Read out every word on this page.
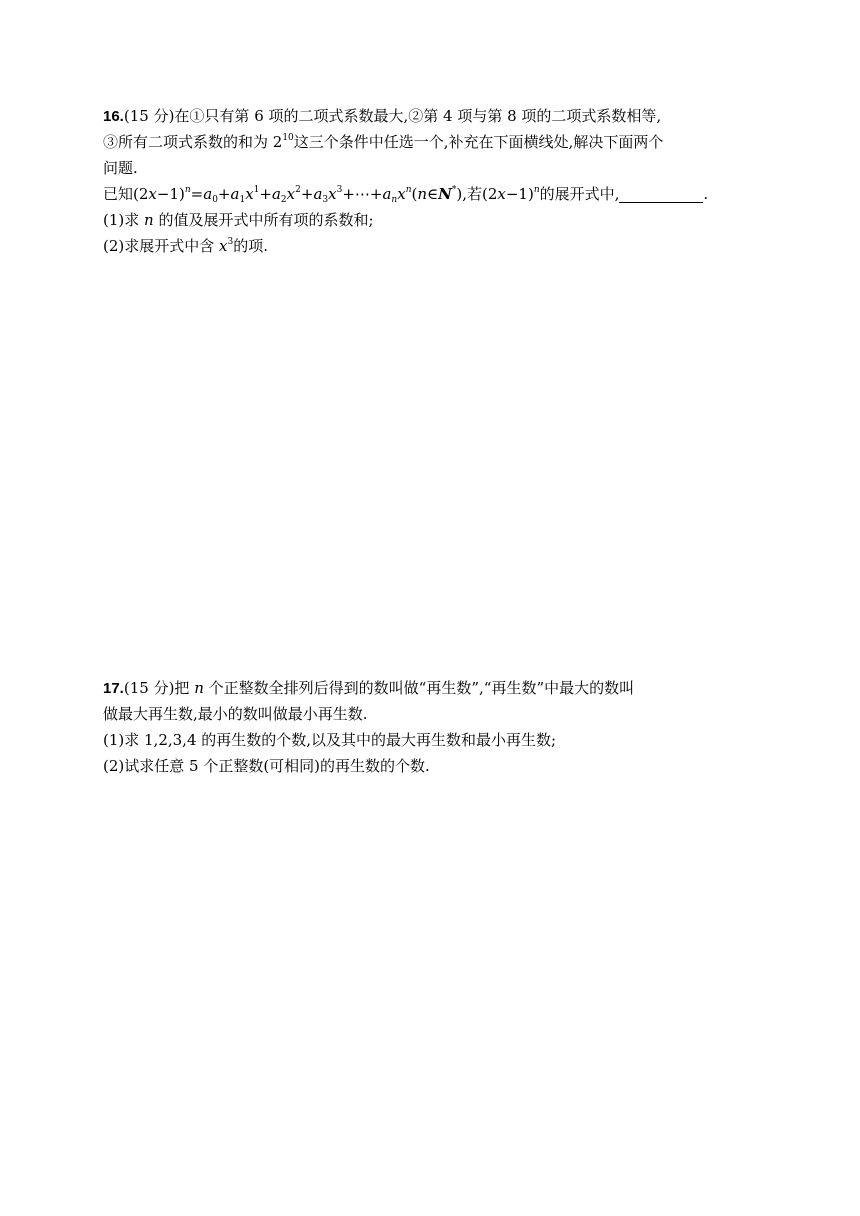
16.(15 分)在①只有第 6 项的二项式系数最大,②第 4 项与第 8 项的二项式系数相等,
③所有二项式系数的和为 $2^{10}$这三个条件中任选一个,补充在下面横线处,解决下面两个
问题.
已知$(2x-1)^n=a_0+a_1x^1+a_2x^2+a_3x^3+\cdots+a_nx^n(n\in N^*)$,若$(2x-1)^n$的展开式中,	.
(1)求 n 的值及展开式中所有项的系数和;
(2)求展开式中含 $x^3$的项.
17.(15 分)把 n 个正整数全排列后得到的数叫做“再生数”,“再生数”中最大的数叫
做最大再生数,最小的数叫做最小再生数.
(1)求 1,2,3,4 的再生数的个数,以及其中的最大再生数和最小再生数;
(2)试求任意 5 个正整数(可相同)的再生数的个数.
